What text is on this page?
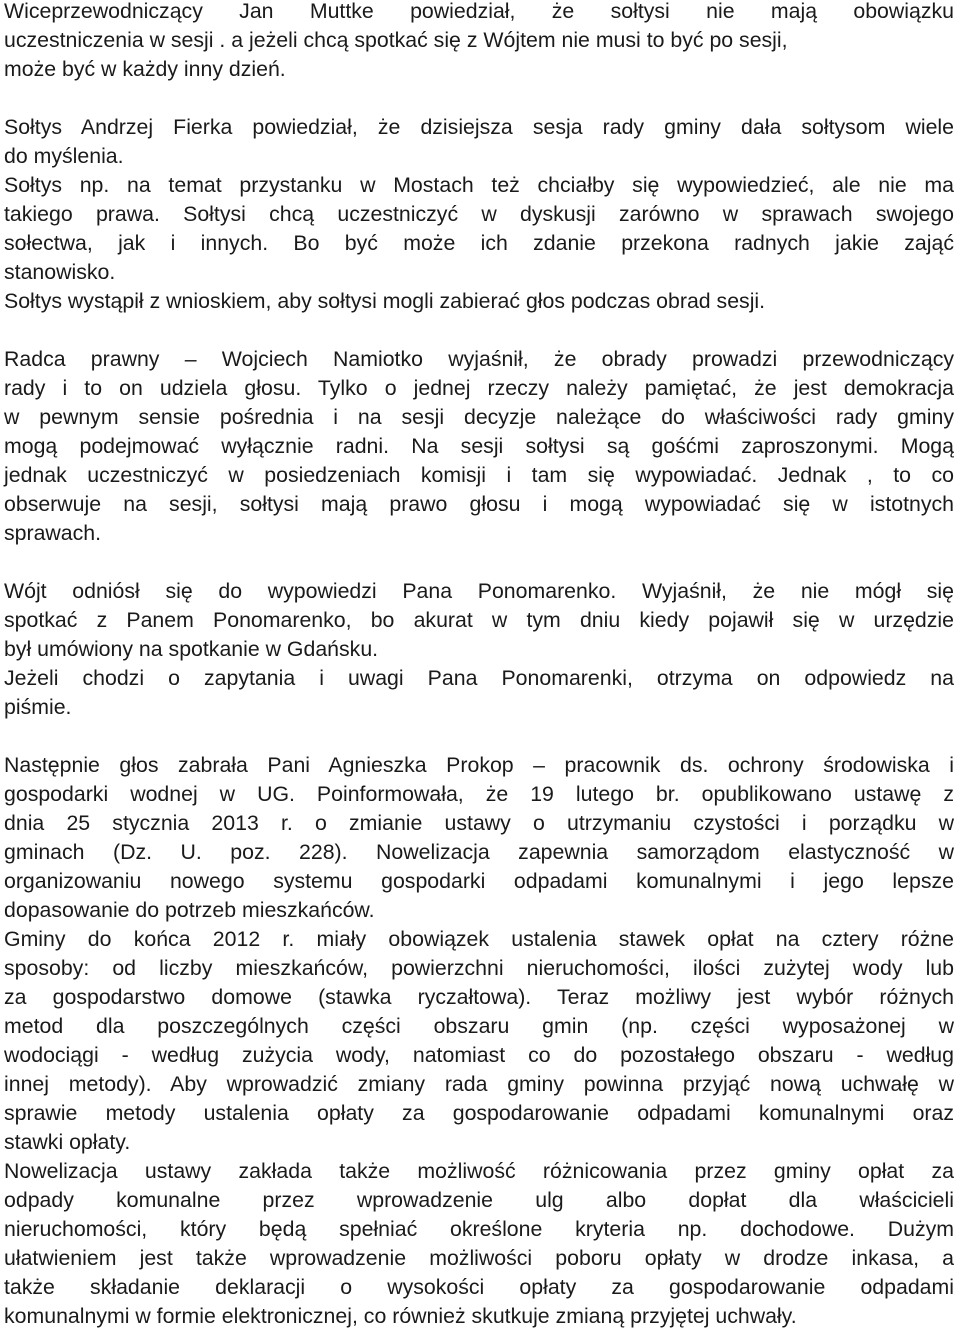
Wiceprzewodniczący Jan Muttke powiedział, że sołtysi nie mają obowiązku
uczestniczenia w sesji . a jeżeli chcą spotkać się z Wójtem nie musi to być po sesji,
może być w każdy inny dzień.
Sołtys Andrzej Fierka powiedział, że dzisiejsza sesja rady gminy dała sołtysom wiele
do myślenia.
Sołtys np. na temat przystanku w Mostach też chciałby się wypowiedzieć, ale nie ma
takiego prawa. Sołtysi chcą uczestniczyć w dyskusji zarówno w sprawach swojego
sołectwa, jak i innych. Bo być może ich zdanie przekona radnych jakie zająć
stanowisko.
Sołtys wystąpił z wnioskiem, aby sołtysi mogli zabierać głos podczas obrad sesji.
Radca prawny – Wojciech Namiotko wyjaśnił, że obrady prowadzi przewodniczący
rady i to on udziela głosu. Tylko o jednej rzeczy należy pamiętać, że jest demokracja
w pewnym sensie pośrednia i na sesji decyzje należące do właściwości rady gminy
mogą podejmować wyłącznie radni. Na sesji sołtysi są gośćmi zaproszonymi. Mogą
jednak uczestniczyć w posiedzeniach komisji i tam się wypowiadać. Jednak , to co
obserwuje na sesji, sołtysi mają prawo głosu i mogą wypowiadać się w istotnych
sprawach.
Wójt odniósł się do wypowiedzi Pana Ponomarenko. Wyjaśnił, że nie mógł się
spotkać z Panem Ponomarenko, bo akurat w tym dniu kiedy pojawił się w urzędzie
był umówiony na spotkanie w Gdańsku.
Jeżeli chodzi o zapytania i uwagi Pana Ponomarenki, otrzyma on odpowiedz na
piśmie.
Następnie głos zabrała Pani Agnieszka Prokop – pracownik ds. ochrony środowiska i
gospodarki wodnej w UG. Poinformowała, że 19 lutego br. opublikowano ustawę z
dnia 25 stycznia 2013 r. o zmianie ustawy o utrzymaniu czystości i porządku w
gminach (Dz. U. poz. 228). Nowelizacja zapewnia samorządom elastyczność w
organizowaniu nowego systemu gospodarki odpadami komunalnymi i jego lepsze
dopasowanie do potrzeb mieszkańców.
Gminy do końca 2012 r. miały obowiązek ustalenia stawek opłat na cztery różne
sposoby: od liczby mieszkańców, powierzchni nieruchomości, ilości zużytej wody lub
za gospodarstwo domowe (stawka ryczałtowa). Teraz możliwy jest wybór różnych
metod dla poszczególnych części obszaru gmin (np. części wyposażonej w
wodociągi - według zużycia wody, natomiast co do pozostałego obszaru - według
innej metody). Aby wprowadzić zmiany rada gminy powinna przyjąć nową uchwałę w
sprawie metody ustalenia opłaty za gospodarowanie odpadami komunalnymi oraz
stawki opłaty.
Nowelizacja ustawy zakłada także możliwość różnicowania przez gminy opłat za
odpady komunalne przez wprowadzenie ulg albo dopłat dla właścicieli
nieruchomości, który będą spełniać określone kryteria np. dochodowe. Dużym
ułatwieniem jest także wprowadzenie możliwości poboru opłaty w drodze inkasa, a
także składanie deklaracji o wysokości opłaty za gospodarowanie odpadami
komunalnymi w formie elektronicznej, co również skutkuje zmianą przyjętej uchwały.
